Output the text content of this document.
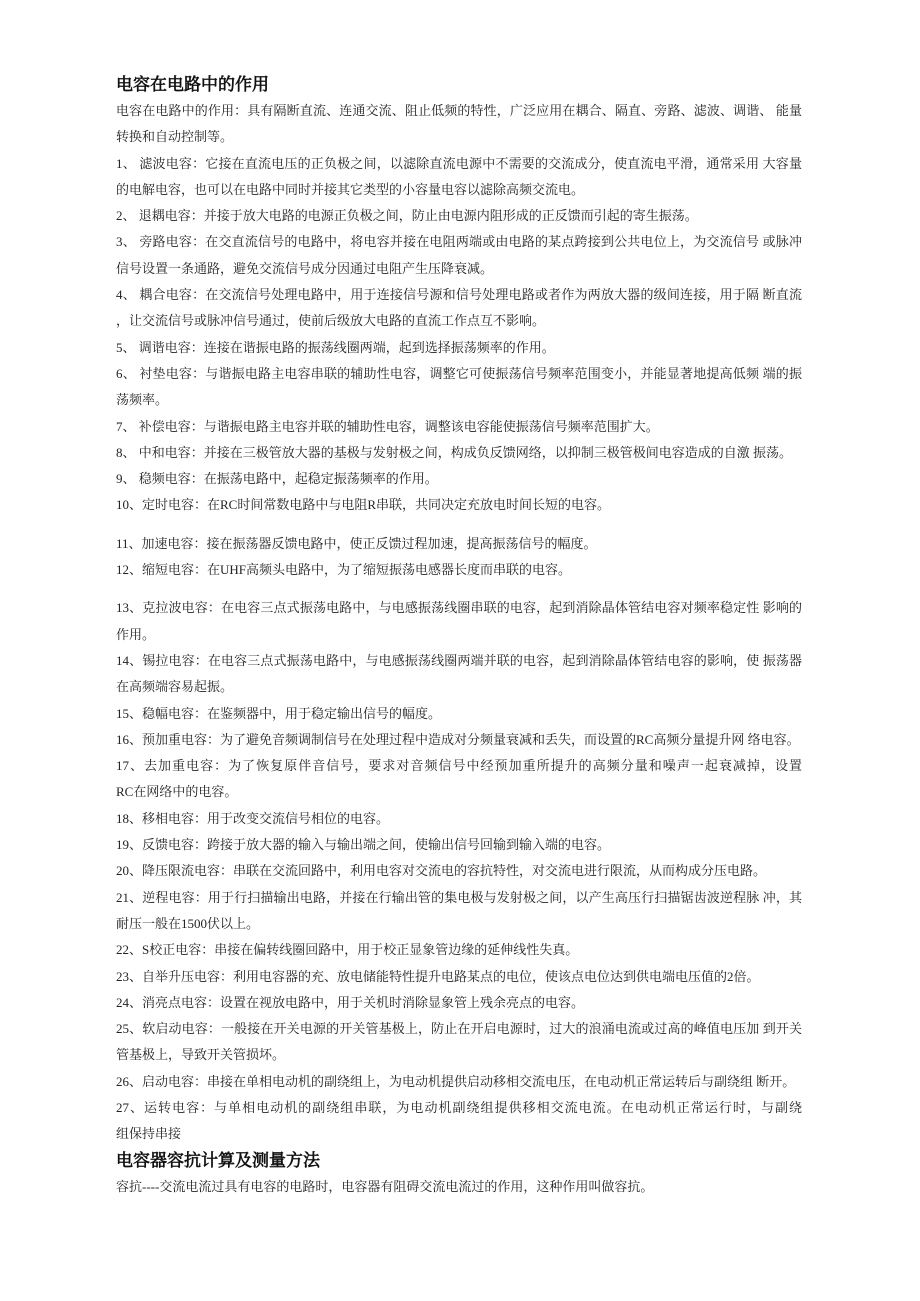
电容在电路中的作用
电容在电路中的作用：具有隔断直流、连通交流、阻止低频的特性，广泛应用在耦合、隔直、旁路、滤波、调谐、 能量
转换和自动控制等。
1、 滤波电容：它接在直流电压的正负极之间，以滤除直流电源中不需要的交流成分，使直流电平滑，通常采用 大容量
的电解电容，也可以在电路中同时并接其它类型的小容量电容以滤除高频交流电。
2、 退耦电容：并接于放大电路的电源正负极之间，防止由电源内阻形成的正反馈而引起的寄生振荡。
3、 旁路电容：在交直流信号的电路中，将电容并接在电阻两端或由电路的某点跨接到公共电位上，为交流信号 或脉冲
信号设置一条通路，避免交流信号成分因通过电阻产生压降衰减。
4、 耦合电容：在交流信号处理电路中，用于连接信号源和信号处理电路或者作为两放大器的级间连接，用于隔 断直流
，让交流信号或脉冲信号通过，使前后级放大电路的直流工作点互不影响。
5、 调谐电容：连接在谐振电路的振荡线圈两端，起到选择振荡频率的作用。
6、 衬垫电容：与谐振电路主电容串联的辅助性电容，调整它可使振荡信号频率范围变小，并能显著地提高低频 端的振
荡频率。
7、 补偿电容：与谐振电路主电容并联的辅助性电容，调整该电容能使振荡信号频率范围扩大。
8、 中和电容：并接在三极管放大器的基极与发射极之间，构成负反馈网络，以抑制三极管极间电容造成的自激 振荡。
9、 稳频电容：在振荡电路中，起稳定振荡频率的作用。
10、定时电容：在RC时间常数电路中与电阻R串联，共同决定充放电时间长短的电容。
11、加速电容：接在振荡器反馈电路中，使正反馈过程加速，提高振荡信号的幅度。
12、缩短电容：在UHF高频头电路中，为了缩短振荡电感器长度而串联的电容。
13、克拉波电容：在电容三点式振荡电路中，与电感振荡线圈串联的电容，起到消除晶体管结电容对频率稳定性 影响的
作用。
14、锡拉电容：在电容三点式振荡电路中，与电感振荡线圈两端并联的电容，起到消除晶体管结电容的影响，使 振荡器
在高频端容易起振。
15、稳幅电容：在鉴频器中，用于稳定输出信号的幅度。
16、预加重电容：为了避免音频调制信号在处理过程中造成对分频量衰减和丢失，而设置的RC高频分量提升网 络电容。
17、去加重电容：为了恢复原伴音信号，要求对音频信号中经预加重所提升的高频分量和噪声一起衰减掉，设置
RC在网络中的电容。
18、移相电容：用于改变交流信号相位的电容。
19、反馈电容：跨接于放大器的输入与输出端之间，使输出信号回输到输入端的电容。
20、降压限流电容：串联在交流回路中，利用电容对交流电的容抗特性，对交流电进行限流，从而构成分压电路。
21、逆程电容：用于行扫描输出电路，并接在行输出管的集电极与发射极之间，以产生高压行扫描锯齿波逆程脉 冲，其
耐压一般在1500伏以上。
22、S校正电容：串接在偏转线圈回路中，用于校正显象管边缘的延伸线性失真。
23、自举升压电容：利用电容器的充、放电储能特性提升电路某点的电位，使该点电位达到供电端电压值的2倍。
24、消亮点电容：设置在视放电路中，用于关机时消除显象管上残余亮点的电容。
25、软启动电容：一般接在开关电源的开关管基极上，防止在开启电源时，过大的浪涌电流或过高的峰值电压加 到开关
管基极上，导致开关管损坏。
26、启动电容：串接在单相电动机的副绕组上，为电动机提供启动移相交流电压，在电动机正常运转后与副绕组 断开。
27、运转电容：与单相电动机的副绕组串联，为电动机副绕组提供移相交流电流。在电动机正常运行时，与副绕
组保持串接
电容器容抗计算及测量方法
容抗----交流电流过具有电容的电路时，电容器有阻碍交流电流过的作用，这种作用叫做容抗。
